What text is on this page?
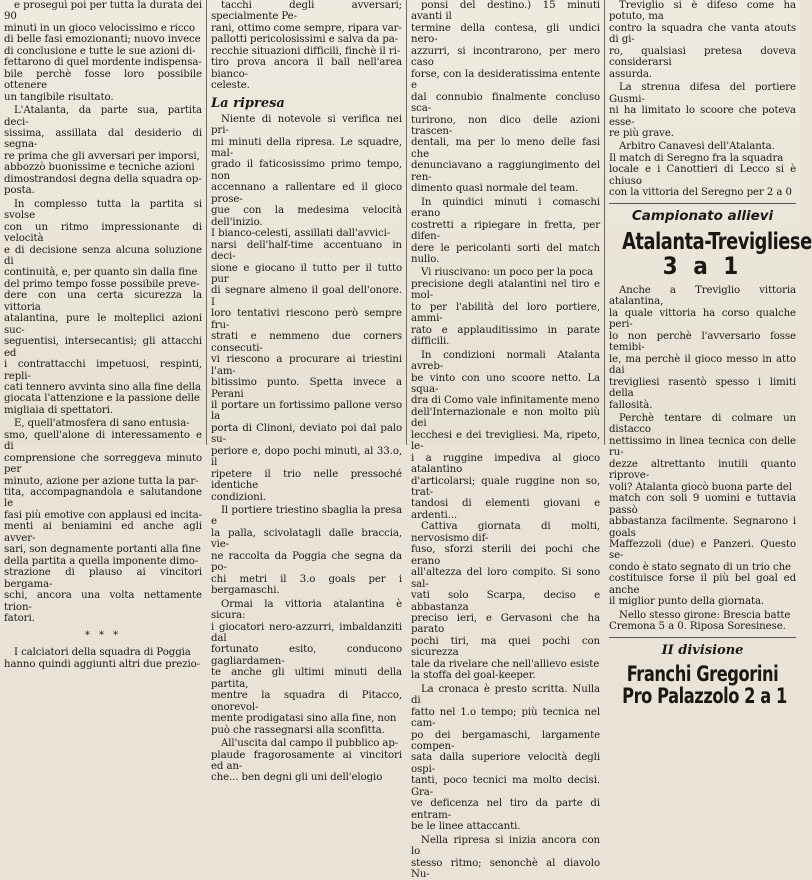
e proseguì poi per tutta la durata dei 90

minuti in un gioco velocissimo e ricco

di belle fasi emozionanti; nuovo invece

di conclusione e tutte le sue azioni di-

fettarono di quel mordente indispensa-

bile perchè fosse loro possibile ottenere

un tangibile risultato.

L'Atalanta, da parte sua, partita deci-

sissima, assillata dal desiderio di segna-

re prima che gli avversari per imporsi,

abbozzò buonissime e tecniche azioni

dimostrandosi degna della squadra op-

posta.

In complesso tutta la partita si svolse

con un ritmo impressionante di velocità

e di decisione senza alcuna soluzione di

continuità, e, per quanto sin dalla fine

del primo tempo fosse possibile preve-

dere con una certa sicurezza la vittoria

atalantina, pure le molteplici azioni suc-

seguentisi, intersecantisi; gli attacchi ed

i contrattacchi impetuosi, respinti, repli-

cati tennero avvinta sino alla fine della

giocata l'attenzione e la passione delle

migliaia di spettatori.

E, quell'atmosfera di sano entusia-

smo, quell'alone di interessamento e di

comprensione che sorreggeva minuto per

minuto, azione per azione tutta la par-

tita, accompagnandola e salutandone le

fasi più emotive con applausi ed incita-

menti ai beniamini ed anche agli avver-

sari, son degnamente portanti alla fine

della partita a quella imponente dimo-

strazione di plauso ai vincitori bergama-

schi, ancora una volta nettamente trion-

fatori.

* * *

I calciatori della squadra di Poggia

hanno quindi aggiunti altri due prezio-

tacchi degli avversari; specialmente Pe-

rani, ottimo come sempre, ripara var-

pallotti pericolosissimi e salva da pa-

recchie situazioni difficili, finchè il ri-

tiro prova ancora il ball nell'area bianco-

celeste.

La ripresa

Niente di notevole si verifica nei pri-

mi minuti della ripresa. Le squadre, mal-

grado il faticosissimo primo tempo, non

accennano a rallentare ed il gioco prose-

gue con la medesima velocità dell'inizio.

I bianco-celesti, assillati dall'avvici-

narsi dell'half-time accentuano in deci-

sione e giocano il tutto per il tutto pur

di segnare almeno il goal dell'onore. I

loro tentativi riescono però sempre fru-

strati e nemmeno due corners consecuti-

vi riescono a procurare ai triestini l'am-

bitissimo punto. Spetta invece a Perani

il portare un fortissimo pallone verso la

porta di Clinoni, deviato poi dal palo su-

periore e, dopo pochi minuti, al 33.o, il

ripetere il trio nelle pressoché identiche

condizioni.

Il portiere triestino sbaglia la presa e

la palla, scivolatagli dalle braccia, vie-

ne raccolta da Poggia che segna da po-

chi metri il 3.o goals per i bergamaschi.

Ormai la vittoria atalantina è sicura:

i giocatori nero-azzurri, imbaldanziti dal

fortunato esito, conducono gagliardamen-

te anche gli ultimi minuti della partita,

mentre la squadra di Pitacco, onorevol-

mente prodigatasi sino alla fine, non

può che rassegnarsi alla sconfitta.

All'uscita dal campo il pubblico ap-

plaude fragorosamente ai vincitori ed an-

che... ben degni gli uni dell'elogio

ponsi del destino.) 15 minuti avanti il

termine della contesa, gli undici nero-

azzurri, si incontrarono, per mero caso

forse, con la desideratissima entente e

dal connubio finalmente concluso sca-

turirono, non dico delle azioni trascen-

dentali, ma per lo meno delle fasi che

denunciavano a raggiungimento del ren-

dimento quasi normale del team.

In quindici minuti i comaschi erano

costretti a ripiegare in fretta, per difen-

dere le pericolanti sorti del match nullo.

Vi riuscivano: un poco per la poca

precisione degli atalantini nel tiro e mol-

to per l'abilità del loro portiere, ammi-

rato e applauditissimo in parate difficili.

In condizioni normali Atalanta avreb-

be vinto con uno scoore netto. La squa-

dra di Como vale infinitamente meno

dell'Internazionale e non molto più dei

lecchesi e dei trevigliesi. Ma, ripeto, le-

i a ruggine impediva al gioco atalantino

d'articolarsi; quale ruggine non so, trat-

tandosi di elementi giovani e ardenti...

Cattiva giornata di molti, nervosismo dif-

fuso, sforzi sterili dei pochi che erano

all'altezza del loro compito. Si sono sal-

vati solo Scarpa, deciso e abbastanza

preciso ieri, e Gervasoni che ha parato

pochi tiri, ma quei pochi con sicurezza

tale da rivelare che nell'allievo esiste

la stoffa del goal-keeper.

La cronaca è presto scritta. Nulla di

fatto nel 1.o tempo; più tecnica nel cam-

po dei bergamaschi, largamente compen-

sata dalla superiore velocità degli ospi-

tanti, poco tecnici ma molto decisi. Gra-

ve deficenza nel tiro da parte di entram-

be le linee attaccanti.

Nella ripresa si inizia ancora con lo

stesso ritmo; senonchè al diavolo Nu-

Treviglio si è difeso come ha potuto, ma

contro la squadra che vanta atouts di gi-

ro, qualsiasi pretesa doveva considerarsi

assurda.

La strenua difesa del portiere Gusmi-

ni ha limitato lo scoore che poteva esse-

re più grave.

Arbitro Canavesi dell'Atalanta.

Il match di Seregno fra la squadra

locale e i Canottieri di Lecco si è chiuso

con la vittoria del Seregno per 2 a 0

Campionato allievi
Atalanta-Trevigliese
3 a 1

Anche a Treviglio vittoria atalantina,

la quale vittoria ha corso qualche peri-

lo non perchè l'avversario fosse temibi-

le, ma perchè il gioco messo in atto dai

trevigliesi rasentò spesso i limiti della

fallosità.

Perchè tentare di colmare un distacco

nettissimo in linea tecnica con delle ru-

dezze altrettanto inutili quanto riprove-

voli? Atalanta giocò buona parte del

match con soli 9 uomini e tuttavia passò

abbastanza facilmente. Segnarono i goals

Maffezzoli (due) e Panzeri. Questo se-

condo è stato segnato di un trio che

costituisce forse il più bel goal ed anche

il miglior punto della giornata.

Nello stesso girone: Brescia batte

Cremona 5 a 0. Riposa Soresinese.

II divisione
Franchi Gregorini
Pro Palazzolo 2 a 1
